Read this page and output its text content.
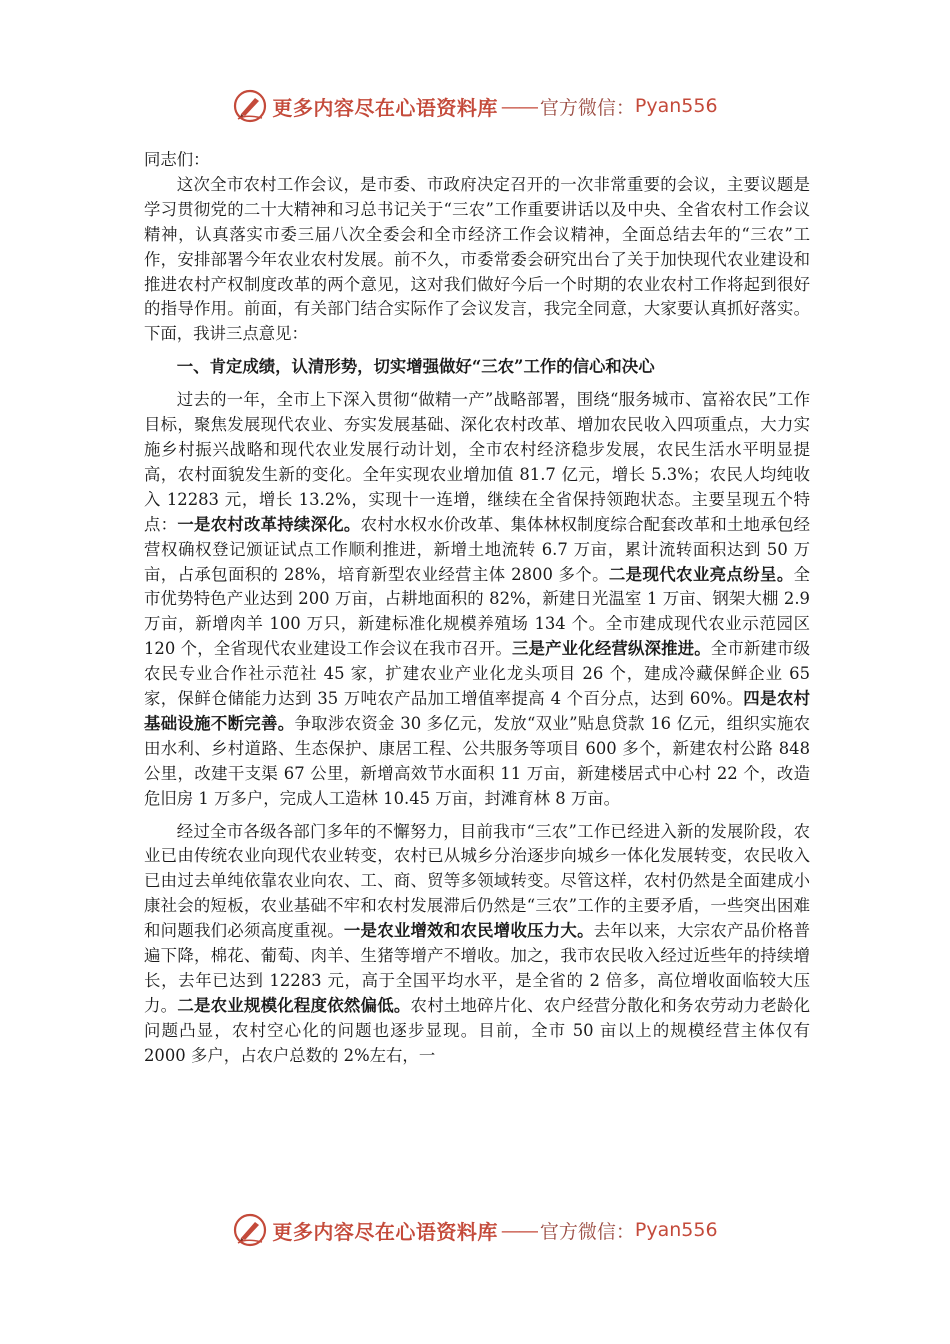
更多内容尽在心语资料库 —— 官方微信： Pyan556

同志们：

这次全市农村工作会议，是市委、市政府决定召开的一次非常重要的会议，主要议题是学习贯彻党的二十大精神和习总书记关于“三农”工作重要讲话以及中央、全省农村工作会议精神，认真落实市委三届八次全委会和全市经济工作会议精神，全面总结去年的“三农”工作，安排部署今年农业农村发展。前不久，市委常委会研究出台了关于加快现代农业建设和推进农村产权制度改革的两个意见，这对我们做好今后一个时期的农业农村工作将起到很好的指导作用。前面，有关部门结合实际作了会议发言，我完全同意，大家要认真抓好落实。下面，我讲三点意见：

一、肯定成绩，认清形势，切实增强做好“三农”工作的信心和决心

过去的一年，全市上下深入贯彻“做精一产”战略部署，围绕“服务城市、富裕农民”工作目标，聚焦发展现代农业、夯实发展基础、深化农村改革、增加农民收入四项重点，大力实施乡村振兴战略和现代农业发展行动计划，全市农村经济稳步发展，农民生活水平明显提高，农村面貌发生新的变化。全年实现农业增加值 81.7 亿元，增长 5.3%；农民人均纯收入 12283 元，增长 13.2%，实现十一连增，继续在全省保持领跑状态。主要呈现五个特点：一是农村改革持续深化。农村水权水价改革、集体林权制度综合配套改革和土地承包经营权确权登记颁证试点工作顺利推进，新增土地流转 6.7 万亩，累计流转面积达到 50 万亩，占承包面积的 28%，培育新型农业经营主体 2800 多个。二是现代农业亮点纷呈。全市优势特色产业达到 200 万亩，占耕地面积的 82%，新建日光温室 1 万亩、钢架大棚 2.9 万亩，新增肉羊 100 万只，新建标准化规模养殖场 134 个。全市建成现代农业示范园区 120 个，全省现代农业建设工作会议在我市召开。三是产业化经营纵深推进。全市新建市级农民专业合作社示范社 45 家，扩建农业产业化龙头项目 26 个，建成冷藏保鲜企业 65 家，保鲜仓储能力达到 35 万吨农产品加工增值率提高 4 个百分点，达到 60%。四是农村基础设施不断完善。争取涉农资金 30 多亿元，发放“双业”贴息贷款 16 亿元，组织实施农田水利、乡村道路、生态保护、康居工程、公共服务等项目 600 多个，新建农村公路 848 公里，改建干支渠 67 公里，新增高效节水面积 11 万亩，新建楼居式中心村 22 个，改造危旧房 1 万多户，完成人工造林 10.45 万亩，封滩育林 8 万亩。

经过全市各级各部门多年的不懈努力，目前我市“三农”工作已经进入新的发展阶段，农业已由传统农业向现代农业转变，农村已从城乡分治逐步向城乡一体化发展转变，农民收入已由过去单纯依靠农业向农、工、商、贸等多领域转变。尽管这样，农村仍然是全面建成小康社会的短板，农业基础不牢和农村发展滞后仍然是“三农”工作的主要矛盾，一些突出困难和问题我们必须高度重视。一是农业增效和农民增收压力大。去年以来，大宗农产品价格普遍下降，棉花、葡萄、肉羊、生猪等增产不增收。加之，我市农民收入经过近些年的持续增长，去年已达到 12283 元，高于全国平均水平，是全省的 2 倍多，高位增收面临较大压力。二是农业规模化程度依然偏低。农村土地碎片化、农户经营分散化和务农劳动力老龄化问题凸显，农村空心化的问题也逐步显现。目前，全市 50 亩以上的规模经营主体仅有 2000 多户，占农户总数的 2%左右，一

更多内容尽在心语资料库 —— 官方微信： Pyan556
